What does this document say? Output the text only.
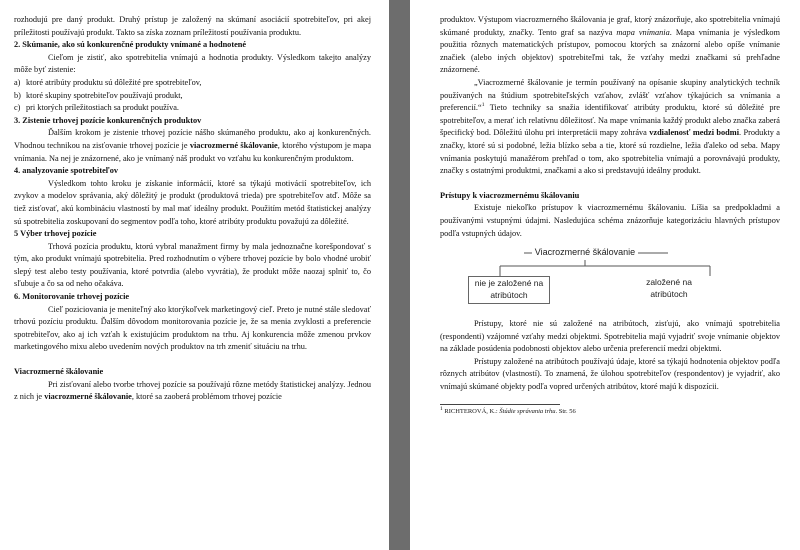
rozhodujú pre daný produkt. Druhý prístup je založený na skúmaní asociácií spotrebiteľov, pri akej príležitosti používajú produkt. Takto sa získa zoznam príležitostí používania produktu.

2. Skúmanie, ako sú konkurenčné produkty vnímané a hodnotené

Cieľom je zistiť, ako spotrebitelia vnímajú a hodnotia produkty. Výsledkom takejto analýzy môže byť zistenie:

a) ktoré atribúty produktu sú dôležité pre spotrebiteľov,

b) ktoré skupiny spotrebiteľov používajú produkt,

c) pri ktorých príležitostiach sa produkt používa.

3. Zistenie trhovej pozície konkurenčných produktov

Ďalším krokom je zistenie trhovej pozície nášho skúmaného produktu, ako aj konkurenčných. Vhodnou technikou na zisťovanie trhovej pozície je viacrozmerné škálovanie, ktorého výstupom je mapa vnímania. Na nej je znázornené, ako je vnímaný náš produkt vo vzťahu ku konkurenčným produktom.

4. analyzovanie spotrebiteľov

Výsledkom tohto kroku je získanie informácií, ktoré sa týkajú motivácií spotrebiteľov, ich zvykov a modelov správania, aký dôležitý je produkt (produktová trieda) pre spotrebiteľov atď. Môže sa tiež zisťovať, akú kombináciu vlastností by mal mať ideálny produkt. Použitím metód štatistickej analýzy sú spotrebitelia zoskupovaní do segmentov podľa toho, ktoré atribúty produktu považujú za dôležité.

5 Výber trhovej pozície

Trhová pozícia produktu, ktorú vybral manažment firmy by mala jednoznačne korešpondovať s tým, ako produkt vnímajú spotrebitelia. Pred rozhodnutím o výbere trhovej pozície by bolo vhodné urobiť slepý test alebo testy používania, ktoré potvrdia (alebo vyvrátia), že produkt môže naozaj splniť to, čo sľubuje a čo sa od neho očakáva.

6. Monitorovanie trhovej pozície

Cieľ poziciovania je meniteľný ako ktorýkoľvek marketingový cieľ. Preto je nutné stále sledovať trhovú pozíciu produktu. Ďalším dôvodom monitorovania pozície je, že sa menia zvyklosti a preferencie spotrebiteľov, ako aj ich vzťah k existujúcim produktom na trhu. Aj konkurencia môže zmenou prvkov marketingového mixu alebo uvedením nových produktov na trh zmeniť situáciu na trhu.

Viacrozmerné škálovanie

Pri zisťovaní alebo tvorbe trhovej pozície sa používajú rôzne metódy štatistickej analýzy. Jednou z nich je viacrozmerné škálovanie, ktoré sa zaoberá problémom trhovej pozície

produktov. Výstupom viacrozmerného škálovania je graf, ktorý znázorňuje, ako spotrebitelia vnímajú skúmané produkty, značky. Tento graf sa nazýva mapa vnímania. Mapa vnímania je výsledkom použitia rôznych matematických prístupov, pomocou ktorých sa znázorní alebo opíše vnímanie značiek (alebo iných objektov) spotrebiteľmi tak, že vzťahy medzi značkami sú prehľadne znázornené.

„Viacrozmerné škálovanie je termín používaný na opísanie skupiny analytických techník používaných na štúdium spotrebiteľských vzťahov, zvlášť vzťahov týkajúcich sa vnímania a preferencií.“$^1$ Tieto techniky sa snažia identifikovať atribúty produktu, ktoré sú dôležité pre spotrebiteľov, a merať ich relatívnu dôležitosť. Na mape vnímania každý produkt alebo značka zaberá špecifický bod. Dôležitú úlohu pri interpretácii mapy zohráva vzdialenosť medzi bodmi. Produkty a značky, ktoré sú si podobné, ležia blízko seba a tie, ktoré sú rozdielne, ležia ďaleko od seba. Mapy vnímania poskytujú manažérom prehľad o tom, ako spotrebitelia vnímajú a porovnávajú produkty, značky s ostatnými produktmi, značkami a ako si predstavujú ideálny produkt.

Prístupy k viacrozmernému škálovaniu

Existuje niekoľko prístupov k viacrozmernému škálovaniu. Líšia sa predpokladmi a používanými vstupnými údajmi. Nasledujúca schéma znázorňuje kategorizáciu hlavných prístupov podľa vstupných údajov.

Viacrozmerné škálovanie
nie je založené na atribútoch
založené na atribútoch

Prístupy, ktoré nie sú založené na atribútoch, zisťujú, ako vnímajú spotrebitelia (respondenti) vzájomné vzťahy medzi objektmi. Spotrebitelia majú vyjadriť svoje vnímanie objektov na základe posúdenia podobnosti objektov alebo určenia preferencií medzi objektmi.

Prístupy založené na atribútoch používajú údaje, ktoré sa týkajú hodnotenia objektov podľa rôznych atribútov (vlastností). To znamená, že úlohou spotrebiteľov (respondentov) je vyjadriť, ako vnímajú skúmané objekty podľa vopred určených atribútov, ktoré majú k dispozícii.

$^1$ RICHTEROVÁ, K.: Štúdie správania trhu. Str. 56
